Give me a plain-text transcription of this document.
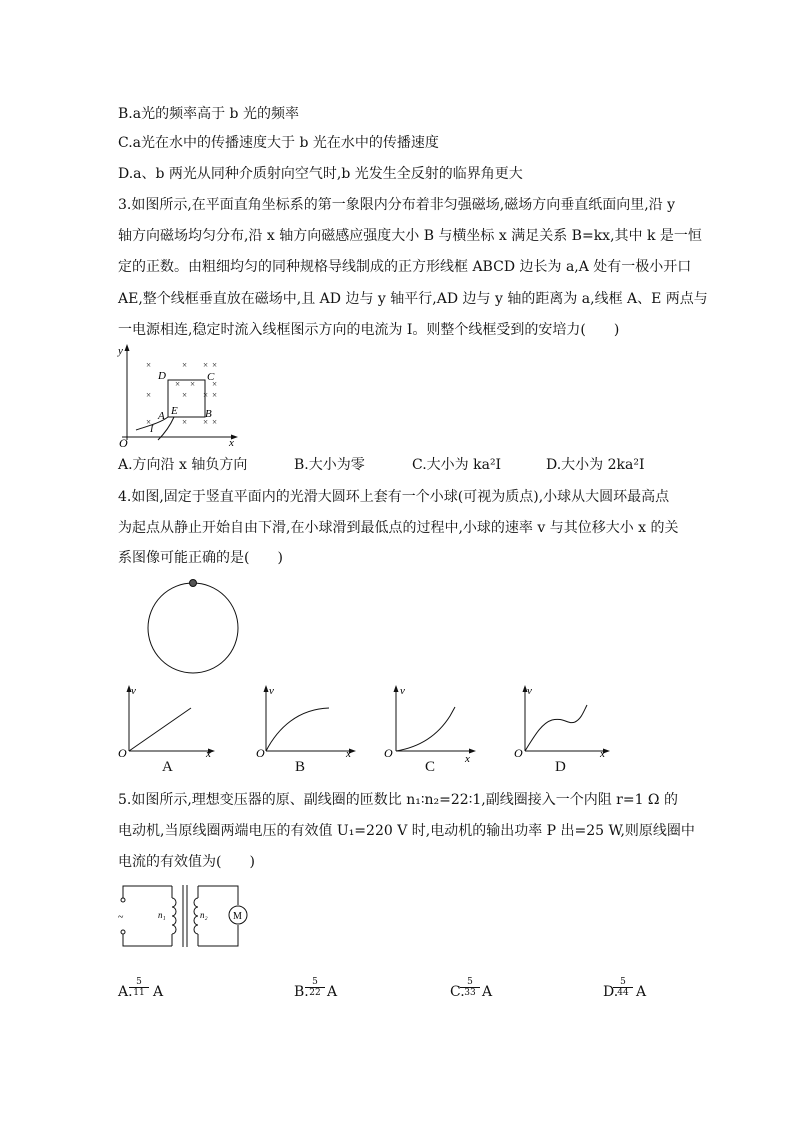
B.a光的频率高于 b 光的频率
C.a光在水中的传播速度大于 b 光在水中的传播速度
D.a、b 两光从同种介质射向空气时,b 光发生全反射的临界角更大
3.如图所示,在平面直角坐标系的第一象限内分布着非匀强磁场,磁场方向垂直纸面向里,沿 y
轴方向磁场均匀分布,沿 x 轴方向磁感应强度大小 B 与横坐标 x 满足关系 B=kx,其中 k 是一恒
定的正数。由粗细均匀的同种规格导线制成的正方形线框 ABCD 边长为 a,A 处有一极小开口
AE,整个线框垂直放在磁场中,且 AD 边与 y 轴平行,AD 边与 y 轴的距离为 a,线框 A、E 两点与
一电源相连,稳定时流入线框图示方向的电流为 I。则整个线框受到的安培力(　　)
y
x
O
×	× × ×
× × ×
×	× × ×
×	× × ×
D	C
B
A E
I
A.方向沿 x 轴负方向	B.大小为零	C.大小为 ka²I	D.大小为 2ka²I
4.如图,固定于竖直平面内的光滑大圆环上套有一个小球(可视为质点),小球从大圆环最高点
为起点从静止开始自由下滑,在小球滑到最低点的过程中,小球的速率 v 与其位移大小 x 的关
系图像可能正确的是(　　)
v
x
O
A
v
x
O
B
v
x
O
C
v
x
O
D
5.如图所示,理想变压器的原、副线圈的匝数比 n₁∶n₂=22∶1,副线圈接入一个内阻 r=1 Ω 的
电动机,当原线圈两端电压的有效值 U₁=220 V 时,电动机的输出功率 P 出=25 W,则原线圈中
电流的有效值为(　　)
~	M
n₁	n₂
A.
$\frac{5}{11}$ A	B.
$\frac{5}{22}$ A	C.
$\frac{5}{33}$ A	D.
$\frac{5}{44}$ A
